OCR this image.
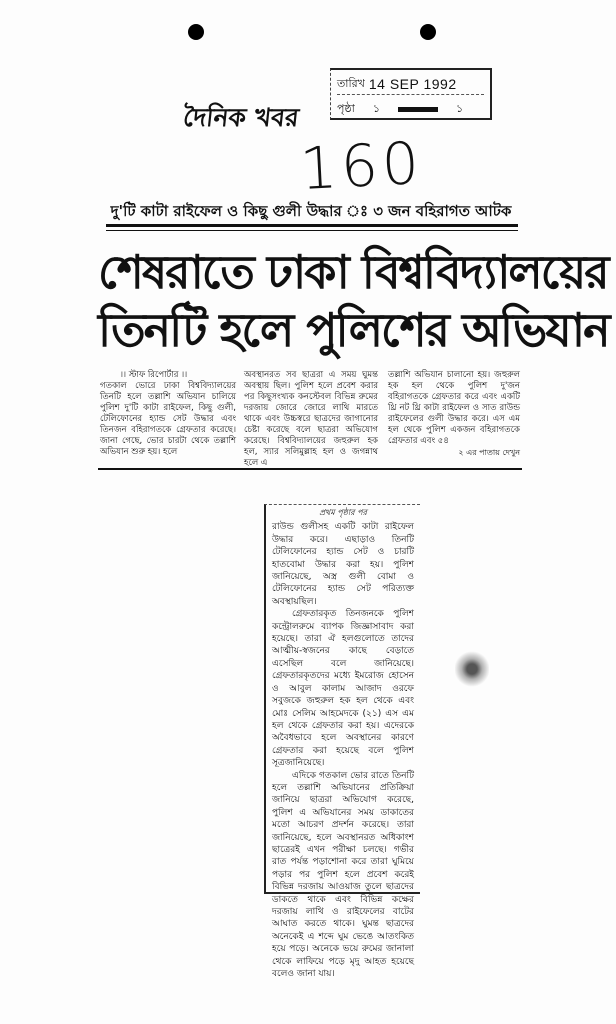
দৈনিক খবর
তারিখ 14 SEP 1992
পৃষ্ঠা ১	১
160
দু'টি কাটা রাইফেল ও কিছু গুলী উদ্ধার ঃ ৩ জন বহিরাগত আটক
শেষরাতে ঢাকা বিশ্ববিদ্যালয়ের
তিনটি হলে পুলিশের অভিযান
।। স্টাফ রিপোর্টার ।।
গতকাল ভোরে ঢাকা বিশ্ববিদ্যালয়ের তিনটি হলে তল্লাশি অভিযান চালিয়ে পুলিশ দু'টি কাটা রাইফেল, কিছু গুলী, টেলিফোনের হ্যান্ড সেট উদ্ধার এবং তিনজন বহিরাগতকে গ্রেফতার করেছে। জানা গেছে, ভোর চারটা থেকে তল্লাশি অভিযান শুরু হয়। হলে
অবস্থানরত সব ছাত্ররা এ সময় ঘুমন্ত অবস্থায় ছিল। পুলিশ হলে প্রবেশ করার পর কিছুসংখ্যক কনস্টেবল বিভিন্ন রুমের দরজায় জোরে জোরে লাথি মারতে থাকে এবং উচ্চস্বরে ছাত্রদের জাগানোর চেষ্টা করেছে বলে ছাত্ররা অভিযোগ করেছে। বিশ্ববিদ্যালয়ের জহুরুল হক হল, স্যার সলিমুল্লাহ হল ও জগন্নাথ হলে এ
তল্লাশি অভিযান চালানো হয়। জহুরুল হক হল থেকে পুলিশ দু'জন বহিরাগতকে গ্রেফতার করে এবং একটি থ্রি নট থ্রি কাটা রাইফেল ও সাত রাউন্ড রাইফেলের গুলী উদ্ধার করে। এস এম হল থেকে পুলিশ একজন বহিরাগতকে গ্রেফতার এবং ৫৪
২ এর পাতায় দেখুন
প্রথম পৃষ্ঠার পর

রাউন্ড গুলীসহ একটি কাটা রাইফেল উদ্ধার করে। এছাড়াও তিনটি টেলিফোনের হ্যান্ড সেট ও চারটি হাতবোমা উদ্ধার করা হয়। পুলিশ জানিয়েছে, অস্ত্র গুলী বোমা ও টেলিফোনের হ্যান্ড সেট পরিত্যক্ত অবস্থায়ছিল।

গ্রেফতারকৃত তিনজনকে পুলিশ কন্ট্রোলরুমে ব্যাপক জিজ্ঞাসাবাদ করা হয়েছে। তারা ঐ হলগুলোতে তাদের আত্মীয়-স্বজনের কাছে বেড়াতে এসেছিল বলে জানিয়েছে। গ্রেফতারকৃতদের মধ্যে ইমরোজ হোসেন ও আবুল কালাম আজাদ ওরফে সবুজকে জহুরুল হক হল থেকে এবং মোঃ সেলিম আহমেদকে (২১) এস এম হল থেকে গ্রেফতার করা হয়। এদেরকে অবৈধভাবে হলে অবস্থানের কারণে গ্রেফতার করা হয়েছে বলে পুলিশ সূত্রজানিয়েছে।

এদিকে গতকাল ভোর রাতে তিনটি হলে তল্লাশি অভিযানের প্রতিক্রিয়া জানিয়ে ছাত্ররা অভিযোগ করেছে, পুলিশ এ অভিযানের সময় ডাকাতের মতো আচরণ প্রদর্শন করেছে। তারা জানিয়েছে, হলে অবস্থানরত অধিকাংশ ছাত্রেরই এখন পরীক্ষা চলছে। গভীর রাত পর্যন্ত পড়াশোনা করে তারা ঘুমিয়ে পড়ার পর পুলিশ হলে প্রবেশ করেই বিভিন্ন দরজায় আওয়াজ তুলে ছাত্রদের ডাকতে থাকে এবং বিভিন্ন কক্ষের দরজায় লাথি ও রাইফেলের বাটের আঘাত করতে থাকে। ঘুমন্ত ছাত্রদের অনেকেই এ শব্দে ঘুম ভেঙে আতংকিত হয়ে পড়ে। অনেকে ভয়ে রুমের জানালা থেকে লাফিয়ে পড়ে মৃদু আহত হয়েছে বলেও জানা যায়।
